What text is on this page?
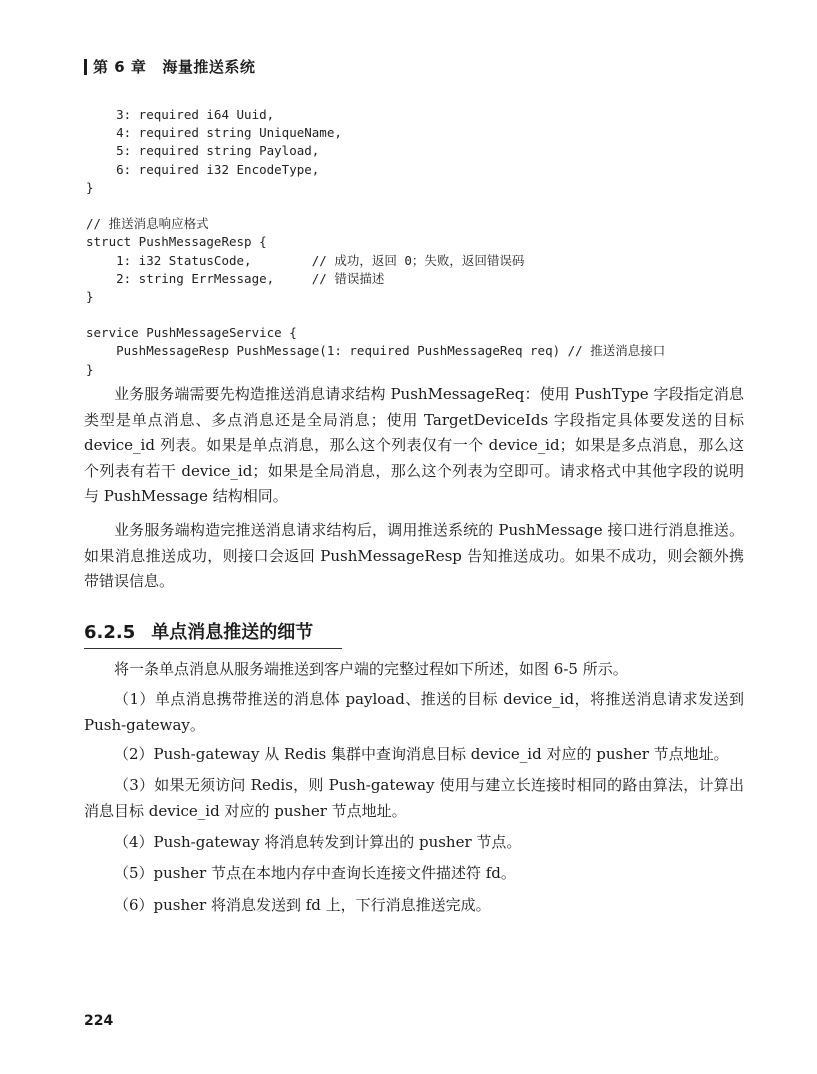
第 6 章 海量推送系统
3: required i64 Uuid,
4: required string UniqueName,
5: required string Payload,
6: required i32 EncodeType,
}
// 推送消息响应格式
struct PushMessageResp {
1: i32 StatusCode,        // 成功，返回 0；失败，返回错误码
2: string ErrMessage,     // 错误描述
}
service PushMessageService {
PushMessageResp PushMessage(1: required PushMessageReq req) // 推送消息接口
}

业务服务端需要先构造推送消息请求结构 PushMessageReq：使用 PushType 字段指定消息类型是单点消息、多点消息还是全局消息；使用 TargetDeviceIds 字段指定具体要发送的目标 device_id 列表。如果是单点消息，那么这个列表仅有一个 device_id；如果是多点消息，那么这个列表有若干 device_id；如果是全局消息，那么这个列表为空即可。请求格式中其他字段的说明与 PushMessage 结构相同。

业务服务端构造完推送消息请求结构后，调用推送系统的 PushMessage 接口进行消息推送。如果消息推送成功，则接口会返回 PushMessageResp 告知推送成功。如果不成功，则会额外携带错误信息。

6.2.5 单点消息推送的细节

将一条单点消息从服务端推送到客户端的完整过程如下所述，如图 6-5 所示。

（1）单点消息携带推送的消息体 payload、推送的目标 device_id，将推送消息请求发送到 Push-gateway。

（2）Push-gateway 从 Redis 集群中查询消息目标 device_id 对应的 pusher 节点地址。

（3）如果无须访问 Redis，则 Push-gateway 使用与建立长连接时相同的路由算法，计算出消息目标 device_id 对应的 pusher 节点地址。

（4）Push-gateway 将消息转发到计算出的 pusher 节点。

（5）pusher 节点在本地内存中查询长连接文件描述符 fd。

（6）pusher 将消息发送到 fd 上，下行消息推送完成。

224
